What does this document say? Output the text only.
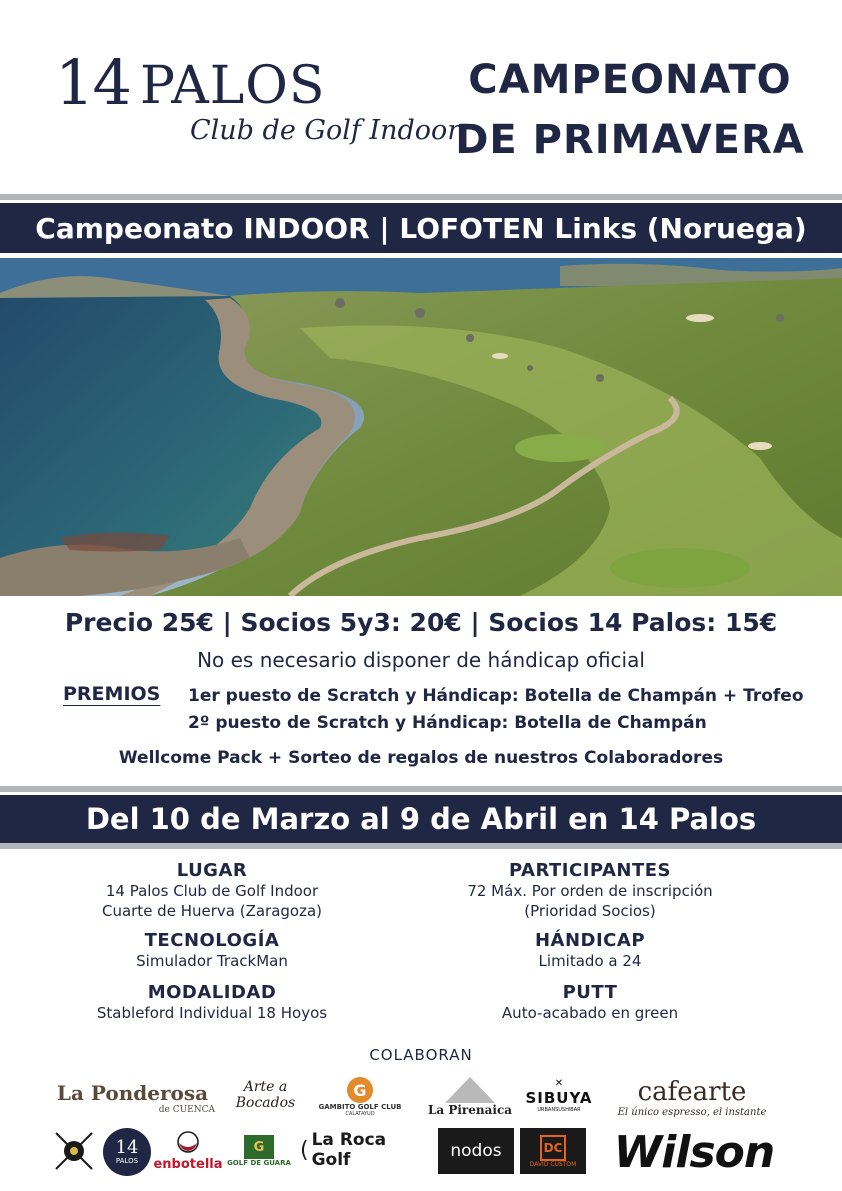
14 PALOS
Club de Golf Indoor
CAMPEONATO
DE PRIMAVERA
Campeonato INDOOR | LOFOTEN Links (Noruega)
Precio 25€ | Socios 5y3: 20€ | Socios 14 Palos: 15€
No es necesario disponer de hándicap oficial
PREMIOS 1er puesto de Scratch y Hándicap: Botella de Champán + Trofeo
2º puesto de Scratch y Hándicap: Botella de Champán
Wellcome Pack + Sorteo de regalos de nuestros Colaboradores
Del 10 de Marzo al 9 de Abril en 14 Palos
LUGAR
14 Palos Club de Golf Indoor
Cuarte de Huerva (Zaragoza)
PARTICIPANTES
72 Máx. Por orden de inscripción
(Prioridad Socios)
TECNOLOGÍA
Simulador TrackMan
HÁNDICAP
Limitado a 24
MODALIDAD
Stableford Individual 18 Hoyos
PUTT
Auto-acabado en green
COLABORAN
La Ponderosa
de CUENCA
Arte a
Bocados
G
GAMBITO GOLF CLUB
CALATAYUD	La Pirenaica
✕
SIBUYA
URBANSUSHIBAR
cafearte
El único espresso, el instante
14
PALOS enbotella
G
GOLF DE GUARA
( La Roca Golf	nodos	DC
DAVID CUSTOM Wilson
